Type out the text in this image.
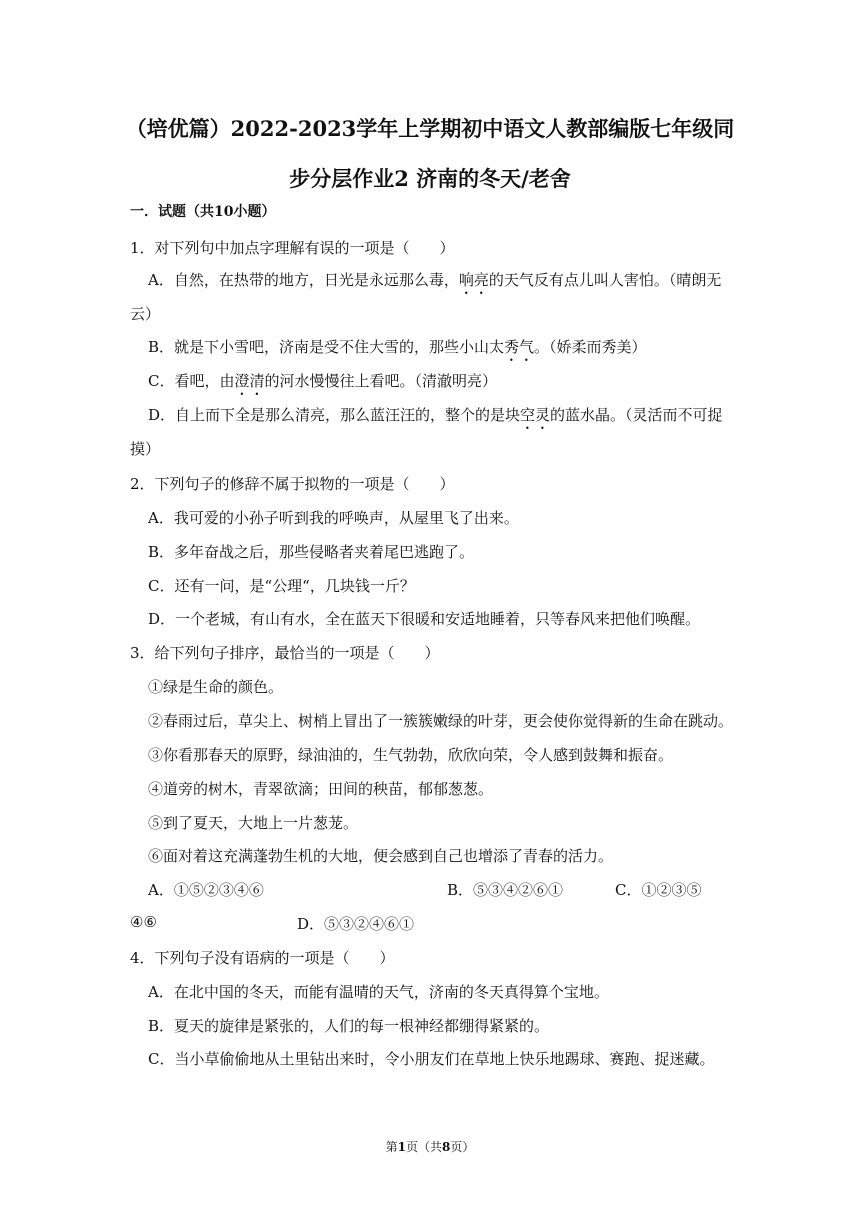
（培优篇）2022-2023学年上学期初中语文人教部编版七年级同
步分层作业2 济南的冬天/老舍
一．试题（共10小题）
1．对下列句中加点字理解有误的一项是（　　）
A．自然，在热带的地方，日光是永远那么毒，响亮的天气反有点儿叫人害怕。（晴朗无
云）
B．就是下小雪吧，济南是受不住大雪的，那些小山太秀气。（娇柔而秀美）
C．看吧，由澄清的河水慢慢往上看吧。（清澈明亮）
D．自上而下全是那么清亮，那么蓝汪汪的，整个的是块空灵的蓝水晶。（灵活而不可捉
摸）
2．下列句子的修辞不属于拟物的一项是（　　）
A．我可爱的小孙子听到我的呼唤声，从屋里飞了出来。
B．多年奋战之后，那些侵略者夹着尾巴逃跑了。
C．还有一问，是“公理“，几块钱一斤？
D．一个老城，有山有水，全在蓝天下很暖和安适地睡着，只等春风来把他们唤醒。
3．给下列句子排序，最恰当的一项是（　　）
①绿是生命的颜色。
②春雨过后，草尖上、树梢上冒出了一簇簇嫩绿的叶芽，更会使你觉得新的生命在跳动。
③你看那春天的原野，绿油油的，生气勃勃，欣欣向荣，令人感到鼓舞和振奋。
④道旁的树木，青翠欲滴；田间的秧苗，郁郁葱葱。
⑤到了夏天，大地上一片葱茏。
⑥面对着这充满蓬勃生机的大地，便会感到自己也增添了青春的活力。
A．①⑤②③④⑥	B．⑤③④②⑥①	C．①②③⑤
④⑥	D．⑤③②④⑥①
4．下列句子没有语病的一项是（　　）
A．在北中国的冬天，而能有温晴的天气，济南的冬天真得算个宝地。
B．夏天的旋律是紧张的，人们的每一根神经都绷得紧紧的。
C．当小草偷偷地从土里钻出来时，令小朋友们在草地上快乐地踢球、赛跑、捉迷藏。
第1页（共8页）
